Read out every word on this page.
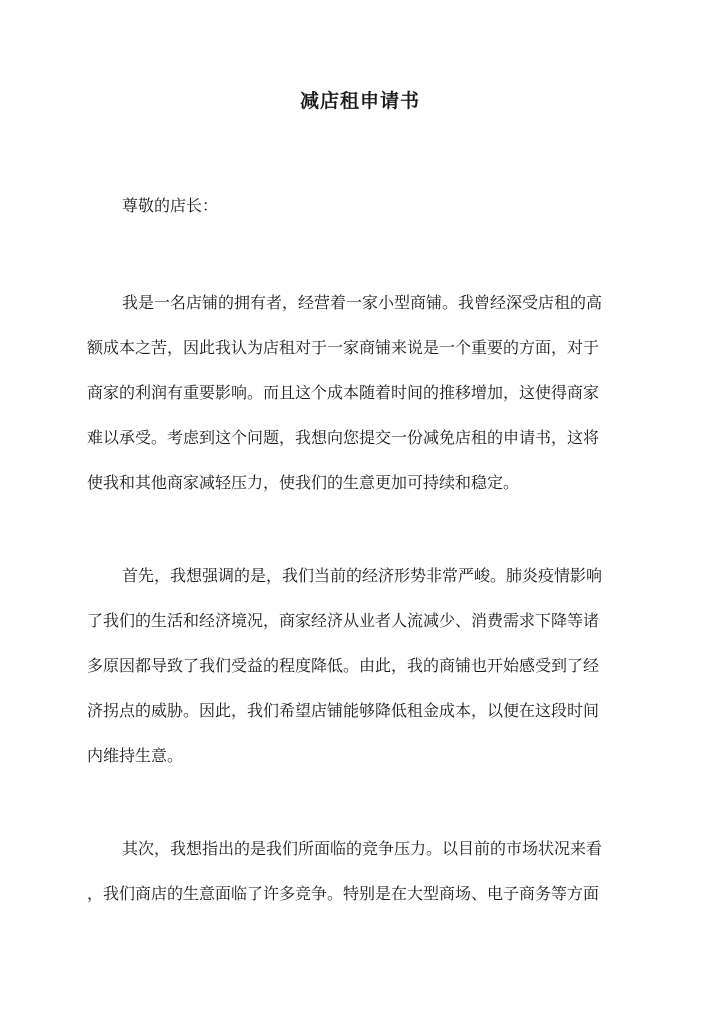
减店租申请书

尊敬的店长：

我是一名店铺的拥有者，经营着一家小型商铺。我曾经深受店租的高
额成本之苦，因此我认为店租对于一家商铺来说是一个重要的方面，对于
商家的利润有重要影响。而且这个成本随着时间的推移增加，这使得商家
难以承受。考虑到这个问题，我想向您提交一份减免店租的申请书，这将
使我和其他商家减轻压力，使我们的生意更加可持续和稳定。
首先，我想强调的是，我们当前的经济形势非常严峻。肺炎疫情影响
了我们的生活和经济境况，商家经济从业者人流减少、消费需求下降等诸
多原因都导致了我们受益的程度降低。由此，我的商铺也开始感受到了经
济拐点的威胁。因此，我们希望店铺能够降低租金成本，以便在这段时间
内维持生意。
其次，我想指出的是我们所面临的竞争压力。以目前的市场状况来看
，我们商店的生意面临了许多竞争。特别是在大型商场、电子商务等方面
